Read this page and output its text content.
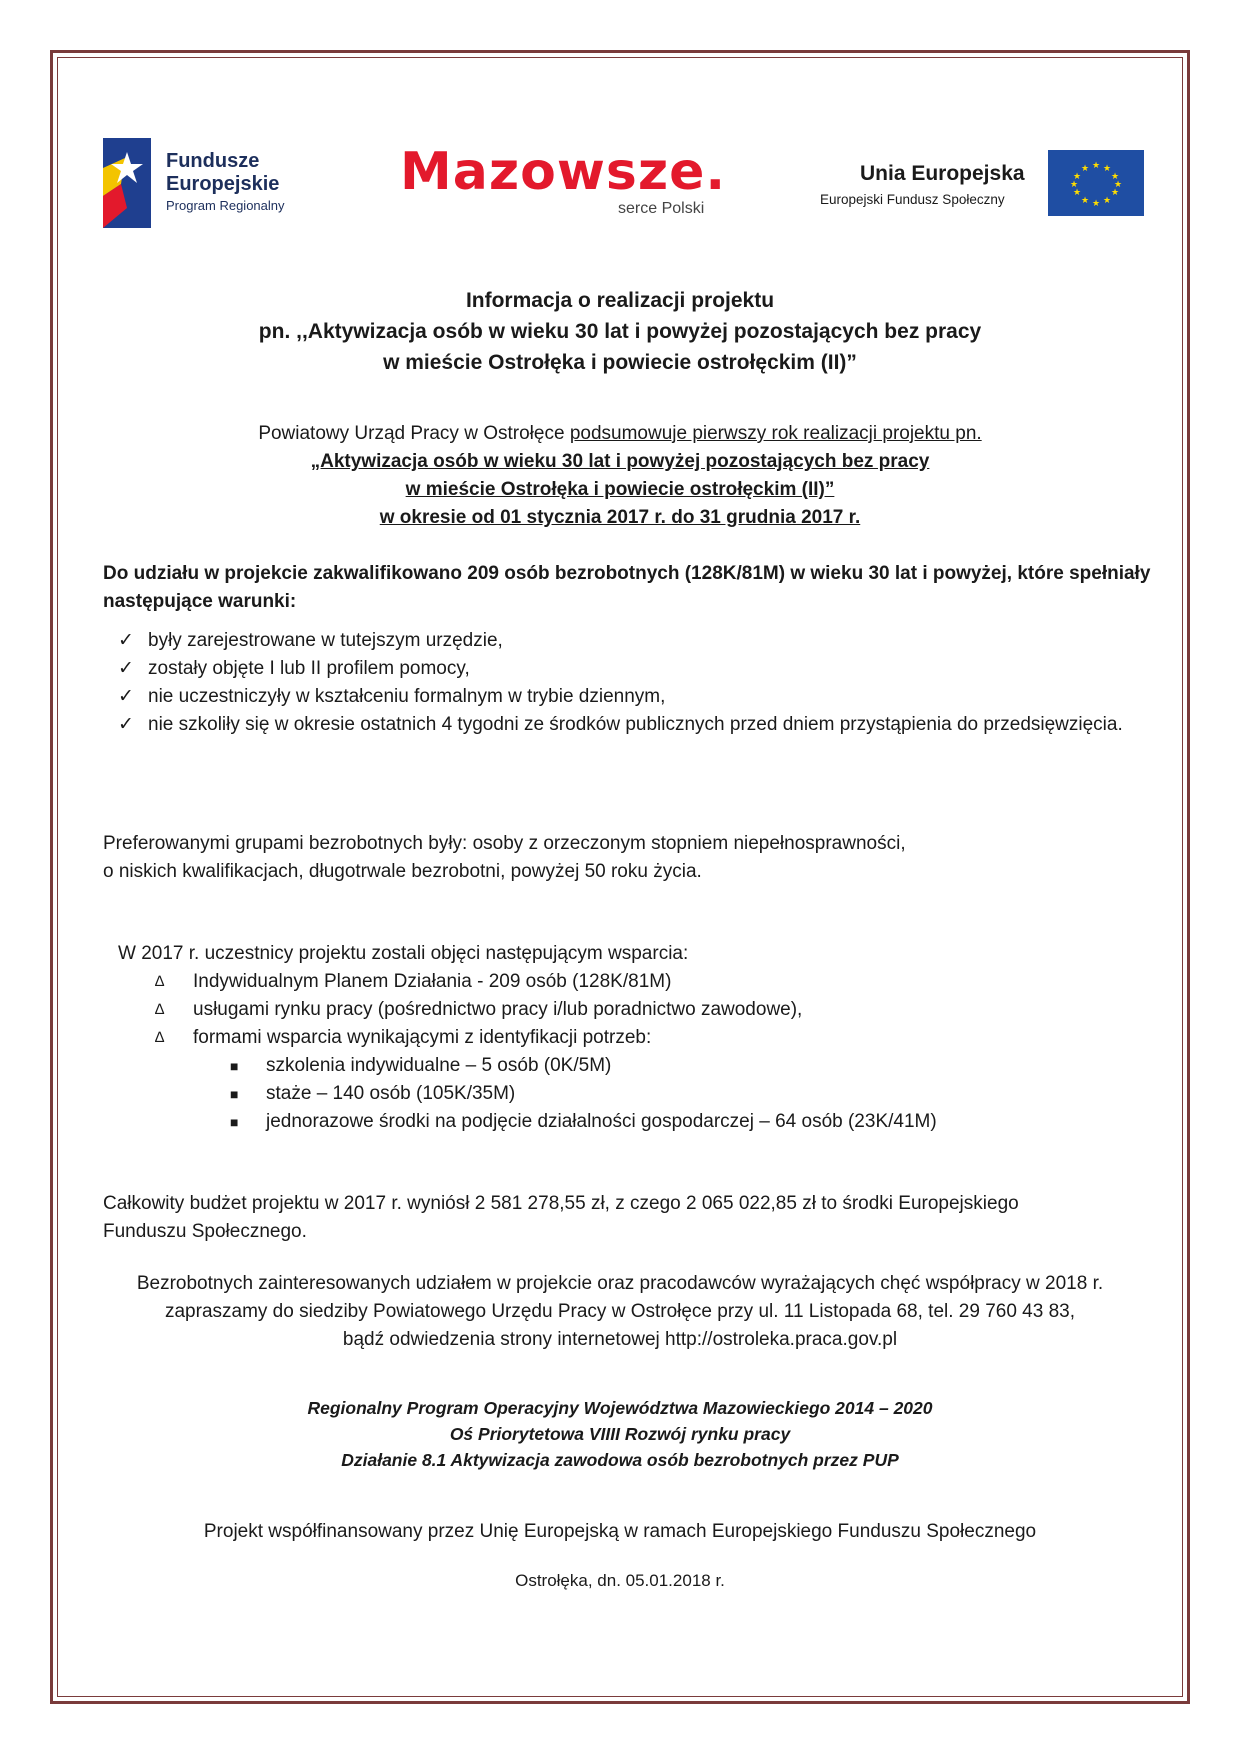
Fundusze
Europejskie
Program Regionalny
Mazowsze.
serce Polski
Unia Europejska
Europejski Fundusz Społeczny
★ ★
★
★
★
★
★
★
★
★
★
★
Informacja o realizacji projektu
pn. ,,Aktywizacja osób w wieku 30 lat i powyżej pozostających bez pracy
w mieście Ostrołęka i powiecie ostrołęckim (II)”
Powiatowy Urząd Pracy w Ostrołęce podsumowuje pierwszy rok realizacji projektu pn.
„Aktywizacja osób w wieku 30 lat i powyżej pozostających bez pracy
w mieście Ostrołęka i powiecie ostrołęckim (II)”
w okresie od 01 stycznia 2017 r. do 31 grudnia 2017 r.
Do udziału w projekcie zakwalifikowano 209 osób bezrobotnych (128K/81M) w wieku 30 lat i powyżej, które spełniały następujące warunki:
✓ były zarejestrowane w tutejszym urzędzie,
✓ zostały objęte I lub II profilem pomocy,
✓ nie uczestniczyły w kształceniu formalnym w trybie dziennym,
✓ nie szkoliły się w okresie ostatnich 4 tygodni ze środków publicznych przed dniem przystąpienia do przedsięwzięcia.
Preferowanymi grupami bezrobotnych były: osoby z orzeczonym stopniem niepełnosprawności,
o niskich kwalifikacjach, długotrwale bezrobotni, powyżej 50 roku życia.
W 2017 r. uczestnicy projektu zostali objęci następującym wsparcia:
∆ Indywidualnym Planem Działania - 209 osób (128K/81M)
∆ usługami rynku pracy (pośrednictwo pracy i/lub poradnictwo zawodowe),
∆ formami wsparcia wynikającymi z identyfikacji potrzeb:
■ szkolenia indywidualne – 5 osób (0K/5M)
■ staże – 140 osób (105K/35M)
■ jednorazowe środki na podjęcie działalności gospodarczej – 64 osób (23K/41M)
Całkowity budżet projektu w 2017 r. wyniósł 2 581 278,55 zł, z czego 2 065 022,85 zł to środki Europejskiego
Funduszu Społecznego.
Bezrobotnych zainteresowanych udziałem w projekcie oraz pracodawców wyrażających chęć współpracy w 2018 r.
zapraszamy do siedziby Powiatowego Urzędu Pracy w Ostrołęce przy ul. 11 Listopada 68, tel. 29 760 43 83,
bądź odwiedzenia strony internetowej http://ostroleka.praca.gov.pl
Regionalny Program Operacyjny Województwa Mazowieckiego 2014 – 2020
Oś Priorytetowa VIIII Rozwój rynku pracy
Działanie 8.1 Aktywizacja zawodowa osób bezrobotnych przez PUP
Projekt współfinansowany przez Unię Europejską w ramach Europejskiego Funduszu Społecznego
Ostrołęka, dn. 05.01.2018 r.
